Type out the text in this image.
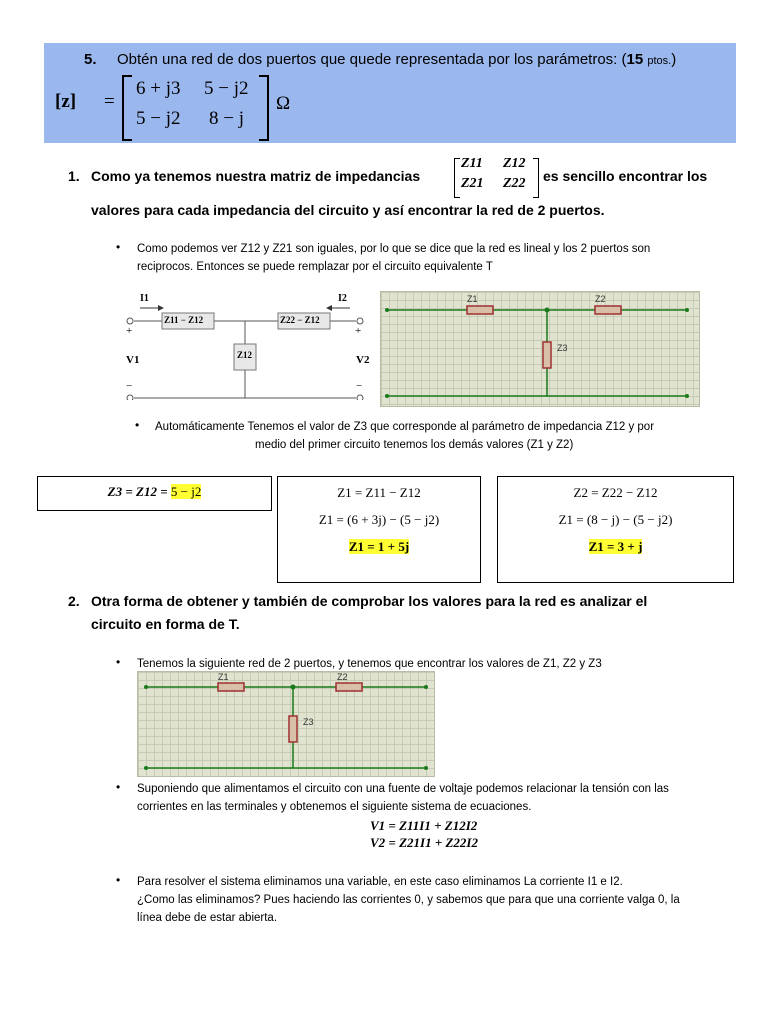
5. Obtén una red de dos puertos que quede representada por los parámetros: (15 ptos.)
[z] =
6 + j3 5 − j2
5 − j2 8 − j
Ω
1. Como ya tenemos nuestra matriz de impedancias
Z11 Z12
Z21 Z22 es sencillo encontrar los
valores para cada impedancia del circuito y así encontrar la red de 2 puertos.
• Como podemos ver Z12 y Z21 son iguales, por lo que se dice que la red es lineal y los 2 puertos son
reciprocos. Entonces se puede remplazar por el circuito equivalente T
I1	I2
Z11 − Z12	Z22 − Z12
Z12
+	+
V1	V2
−	−
Z1	Z2
Z3
• Automáticamente Tenemos el valor de Z3 que corresponde al parámetro de impedancia Z12 y por
medio del primer circuito tenemos los demás valores (Z1 y Z2)
Z3 = Z12 = 5 − j2	Z1 = Z11 − Z12
Z1 = (6 + 3j) − (5 − j2)
Z1 = 1 + 5j
Z2 = Z22 − Z12
Z1 = (8 − j) − (5 − j2)
Z1 = 3 + j
2. Otra forma de obtener y también de comprobar los valores para la red es analizar el
circuito en forma de T.
• Tenemos la siguiente red de 2 puertos, y tenemos que encontrar los valores de Z1, Z2 y Z3
Z1	Z2
Z3
• Suponiendo que alimentamos el circuito con una fuente de voltaje podemos relacionar la tensión con las
corrientes en las terminales y obtenemos el siguiente sistema de ecuaciones.
V1 = Z11I1 + Z12I2
V2 = Z21I1 + Z22I2
• Para resolver el sistema eliminamos una variable, en este caso eliminamos La corriente I1 e I2.
¿Como las eliminamos? Pues haciendo las corrientes 0, y sabemos que para que una corriente valga 0, la
línea debe de estar abierta.
